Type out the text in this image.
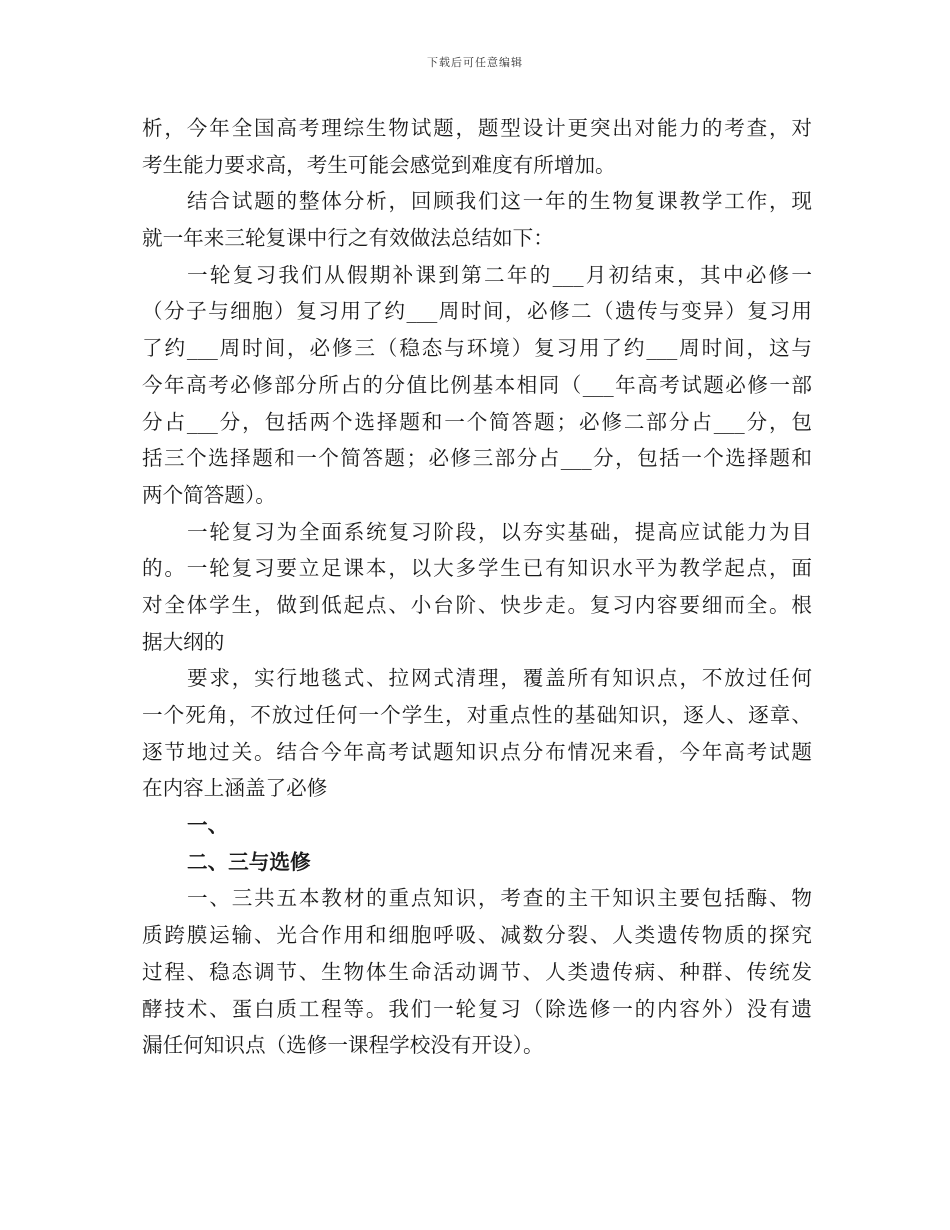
下载后可任意编辑
析，今年全国高考理综生物试题，题型设计更突出对能力的考查，对
考生能力要求高，考生可能会感觉到难度有所增加。
结合试题的整体分析，回顾我们这一年的生物复课教学工作，现
就一年来三轮复课中行之有效做法总结如下：
一轮复习我们从假期补课到第二年的___月初结束，其中必修一
（分子与细胞）复习用了约___周时间，必修二（遗传与变异）复习用
了约___周时间，必修三（稳态与环境）复习用了约___周时间，这与
今年高考必修部分所占的分值比例基本相同（___年高考试题必修一部
分占___分，包括两个选择题和一个简答题；必修二部分占___分，包
括三个选择题和一个简答题；必修三部分占___分，包括一个选择题和
两个简答题）。
一轮复习为全面系统复习阶段，以夯实基础，提高应试能力为目
的。一轮复习要立足课本，以大多学生已有知识水平为教学起点，面
对全体学生，做到低起点、小台阶、快步走。复习内容要细而全。根
据大纲的
要求，实行地毯式、拉网式清理，覆盖所有知识点，不放过任何
一个死角，不放过任何一个学生，对重点性的基础知识，逐人、逐章、
逐节地过关。结合今年高考试题知识点分布情况来看，今年高考试题
在内容上涵盖了必修
一、
二、三与选修
一、三共五本教材的重点知识，考查的主干知识主要包括酶、物
质跨膜运输、光合作用和细胞呼吸、减数分裂、人类遗传物质的探究
过程、稳态调节、生物体生命活动调节、人类遗传病、种群、传统发
酵技术、蛋白质工程等。我们一轮复习（除选修一的内容外）没有遗
漏任何知识点（选修一课程学校没有开设）。
